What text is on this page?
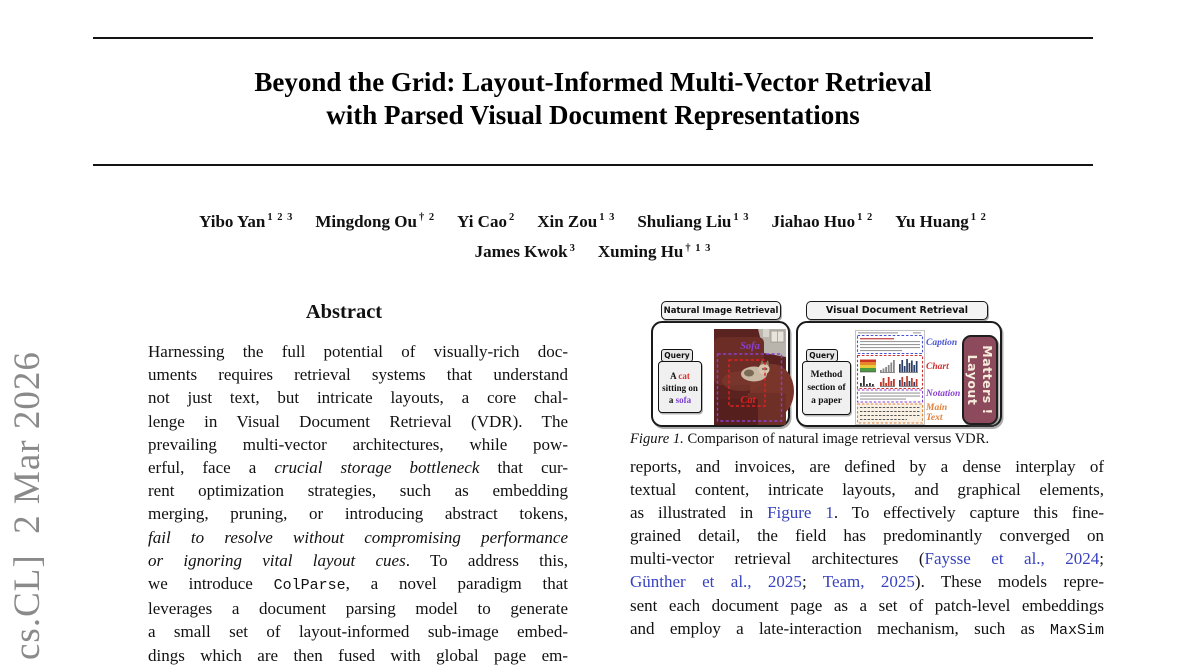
cs.CL]  2 Mar 2026
Beyond the Grid: Layout-Informed Multi-Vector Retrieval
with Parsed Visual Document Representations
Yibo Yan $^{1 2 3}$ Mingdong Ou $^{\dagger 2}$ Yi Cao $^2$ Xin Zou $^{1 3}$ Shuliang Liu $^{1 3}$ Jiahao Huo $^{1 2}$ Yu Huang $^{1 2}$
James Kwok $^3$ Xuming Hu $^{\dagger 1 3}$
Abstract
Harnessing the full potential of visually-rich doc-
uments requires retrieval systems that understand
not just text, but intricate layouts, a core chal-
lenge in Visual Document Retrieval (VDR). The
prevailing multi-vector architectures, while pow-
erful, face a crucial storage bottleneck that cur-
rent optimization strategies, such as embedding
merging, pruning, or introducing abstract tokens,
fail to resolve without compromising performance
or ignoring vital layout cues. To address this,
we introduce ColParse, a novel paradigm that
leverages a document parsing model to generate
a small set of layout-informed sub-image embed-
dings which are then fused with global page em-
Natural Image Retrieval	Visual Document Retrieval
Query
A cat
sitting on
a sofa
Sofa
Cat
Query
Method
section of
a paper
Caption
Chart
Notation
Main Text
Matters !
Layout
Figure 1. Comparison of natural image retrieval versus VDR.
reports, and invoices, are defined by a dense interplay of
textual content, intricate layouts, and graphical elements,
as illustrated in Figure 1. To effectively capture this fine-
grained detail, the field has predominantly converged on
multi-vector retrieval architectures (Faysse et al., 2024;
Günther et al., 2025; Team, 2025). These models repre-
sent each document page as a set of patch-level embeddings
and employ a late-interaction mechanism, such as MaxSim
